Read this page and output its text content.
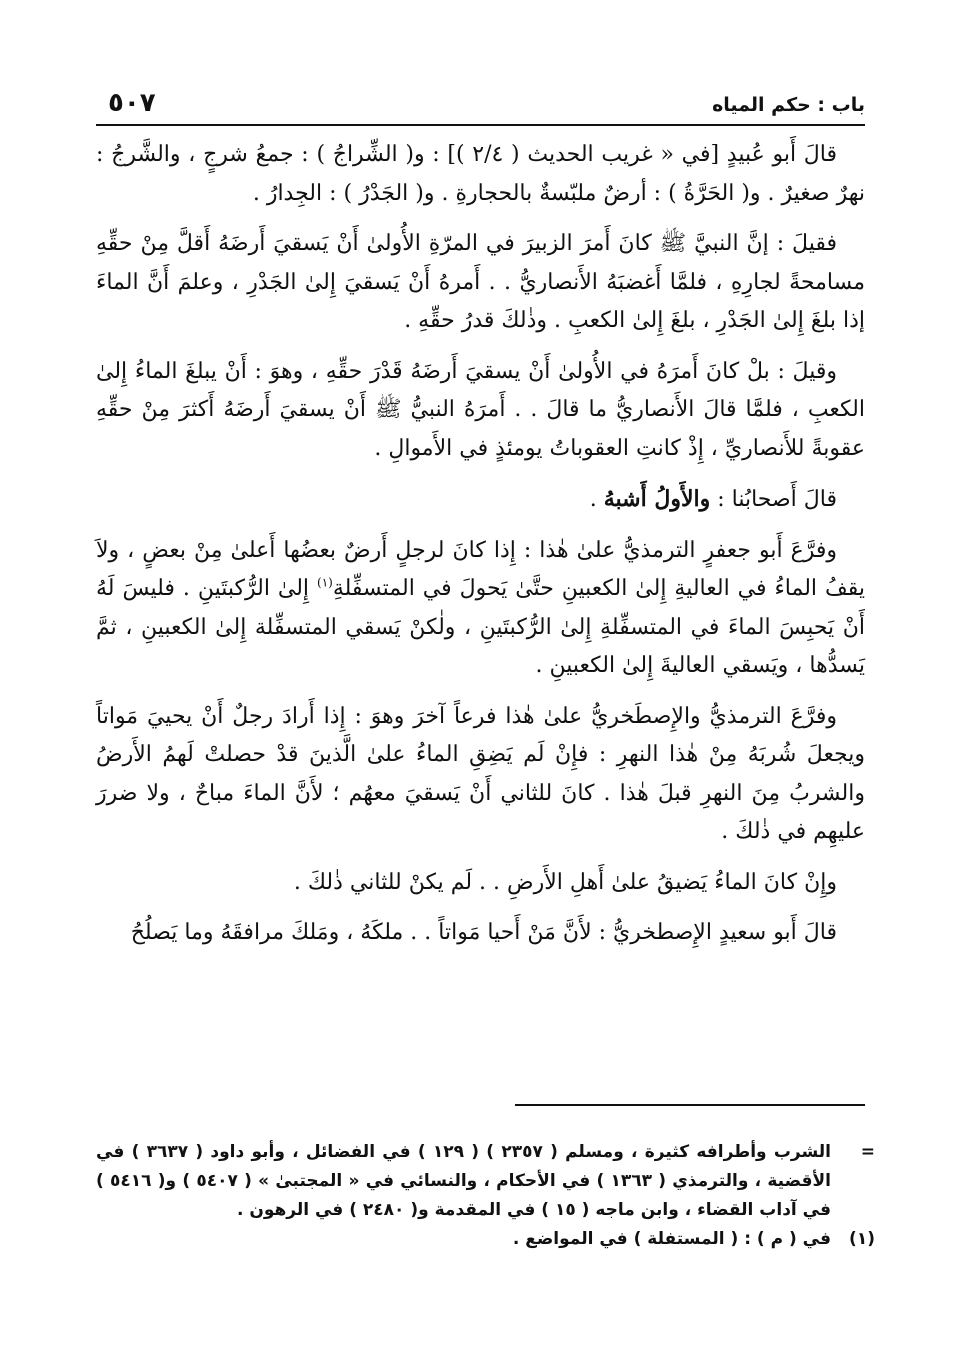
باب : حكم المياه
٥٠٧

قالَ أَبو عُبيدٍ [في « غريب الحديث ( ٢/٤ )] : و( الشِّراجُ ) : جمعُ شرجٍ ، والشَّرجُ : نهرٌ صغيرٌ . و( الحَرَّةُ ) : أرضٌ ملبّسةٌ بالحجارةِ . و( الجَدْرُ ) : الجِدارُ .

فقيلَ : إنَّ النبيَّ ﷺ كانَ أَمرَ الزبيرَ في المرّةِ الأُولىٰ أَنْ يَسقيَ أَرضَهُ أَقلَّ مِنْ حقِّهِ مسامحةً لجارِهِ ، فلمَّا أَغضبَهُ الأَنصاريُّ . . أَمرهُ أَنْ يَسقيَ إِلىٰ الجَدْرِ ، وعلمَ أَنَّ الماءَ إذا بلغَ إِلىٰ الجَدْرِ ، بلغَ إِلىٰ الكعبِ . وذٰلكَ قدرُ حقِّهِ .

وقيلَ : بلْ كانَ أَمرَهُ في الأُولىٰ أَنْ يسقيَ أَرضَهُ قَدْرَ حقِّهِ ، وهوَ : أَنْ يبلغَ الماءُ إِلىٰ الكعبِ ، فلمَّا قالَ الأَنصاريُّ ما قالَ . . أَمرَهُ النبيُّ ﷺ أَنْ يسقيَ أَرضَهُ أَكثرَ مِنْ حقِّهِ عقوبةً للأَنصاريِّ ، إِذْ كانتِ العقوباتُ يومئذٍ في الأَموالِ .

قالَ أَصحابُنا : والأَولُ أَشبهُ .

وفرَّعَ أَبو جعفرٍ الترمذيُّ علىٰ هٰذا : إِذا كانَ لرجلٍ أَرضٌ بعضُها أَعلىٰ مِنْ بعضٍ ، ولاَ يقفُ الماءُ في العاليةِ إِلىٰ الكعبينِ حتَّىٰ يَحولَ في المتسفِّلةِ$^{(١)}$ إِلىٰ الرُّكبتَينِ . فليسَ لَهُ أَنْ يَحبِسَ الماءَ في المتسفِّلةِ إِلىٰ الرُّكبتَينِ ، ولٰكنْ يَسقي المتسفِّلة إِلىٰ الكعبينِ ، ثمَّ يَسدُّها ، ويَسقي العاليةَ إِلىٰ الكعبينِ .

وفرَّعَ الترمذيُّ والإِصطَخريُّ علىٰ هٰذا فرعاً آخرَ وهوَ : إِذا أَرادَ رجلٌ أَنْ يحييَ مَواتاً ويجعلَ شُربَهُ مِنْ هٰذا النهرِ : فإِنْ لَم يَضِقِ الماءُ علىٰ الَّذينَ قدْ حصلتْ لَهمُ الأَرضُ والشربُ مِنَ النهرِ قبلَ هٰذا . كانَ للثاني أَنْ يَسقيَ معهُم ؛ لأَنَّ الماءَ مباحٌ ، ولا ضررَ عليهِم في ذٰلكَ .

وإِنْ كانَ الماءُ يَضيقُ علىٰ أَهلِ الأَرضِ . . لَم يكنْ للثاني ذٰلكَ .

قالَ أَبو سعيدٍ الإِصطخريُّ : لأَنَّ مَنْ أَحيا مَواتاً . . ملكَهُ ، ومَلكَ مرافقَهُ وما يَصلُحُ

=
الشرب وأطرافه كثيرة ، ومسلم ( ٢٣٥٧ ) ( ١٢٩ ) في الفضائل ، وأبو داود ( ٣٦٣٧ ) في الأقضية ، والترمذي ( ١٣٦٣ ) في الأحكام ، والنسائي في « المجتبىٰ » ( ٥٤٠٧ ) و( ٥٤١٦ ) في آداب القضاء ، وابن ماجه ( ١٥ ) في المقدمة و( ٢٤٨٠ ) في الرهون .
(١)
في ( م ) : ( المستفلة ) في المواضع .
